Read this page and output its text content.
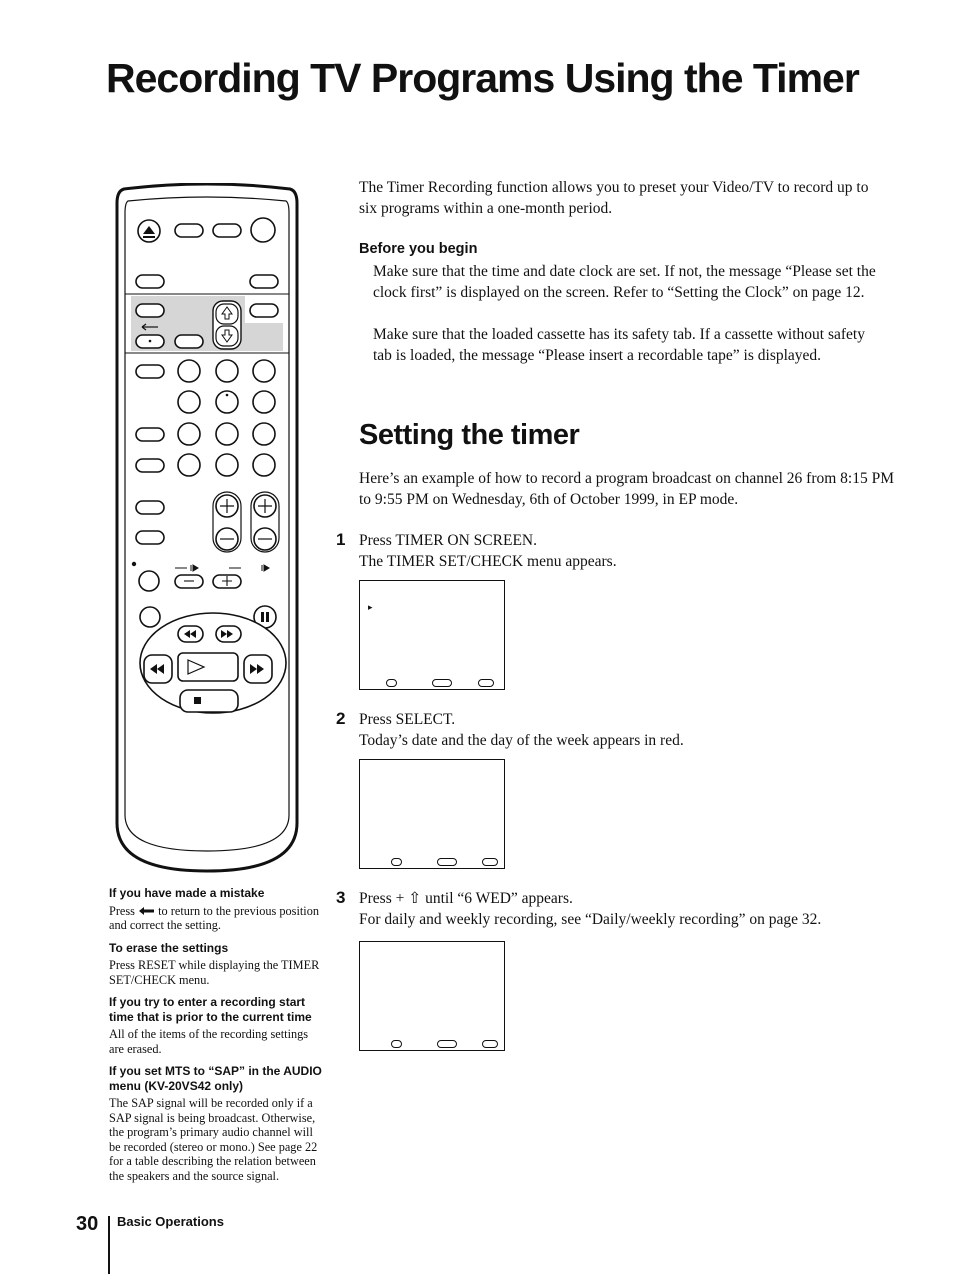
Recording TV Programs Using the Timer
The Timer Recording function allows you to preset your Video/TV to record up to six programs within a one-month period.
Before you begin
Make sure that the time and date clock are set. If not, the message “Please set the clock first” is displayed on the screen. Refer to “Setting the Clock” on page 12.
Make sure that the loaded cassette has its safety tab. If a cassette without safety tab is loaded, the message “Please insert a recordable tape” is displayed.
Setting the timer
Here’s an example of how to record a program broadcast on channel 26 from 8:15 PM to 9:55 PM on Wednesday, 6th of October 1999, in EP mode.
1 Press TIMER ON SCREEN.
The TIMER SET/CHECK menu appears.
▸
2 Press SELECT.
Today’s date and the day of the week appears in red.
3 Press + ⇧ until “6 WED” appears.
For daily and weekly recording, see “Daily/weekly recording” on page 32.
If you have made a mistake
Press to return to the previous position and correct the setting.
To erase the settings
Press RESET while displaying the TIMER SET/CHECK menu.
If you try to enter a recording start time that is prior to the current time
All of the items of the recording settings are erased.
If you set MTS to “SAP” in the AUDIO menu (KV-20VS42 only)
The SAP signal will be recorded only if a SAP signal is being broadcast. Otherwise, the program’s primary audio channel will be recorded (stereo or mono.) See page 22 for a table describing the relation between the speakers and the source signal.
30 Basic Operations
